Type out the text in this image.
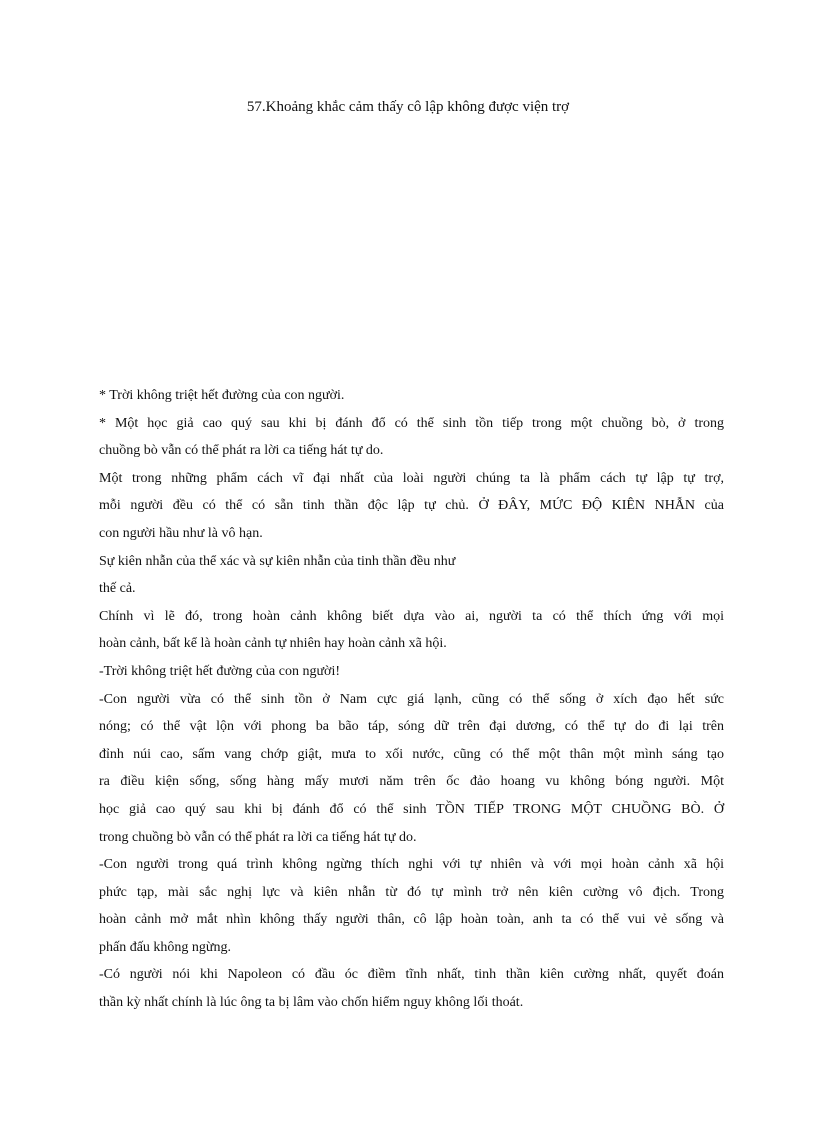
57.Khoảng khắc cảm thấy cô lập không được viện trợ
* Trời không triệt hết đường của con người.
* Một học giả cao quý sau khi bị đánh đổ có thể sinh tồn tiếp trong một chuồng bò, ở trong
chuồng bò vẫn có thể phát ra lời ca tiếng hát tự do.
Một trong những phẩm cách vĩ đại nhất của loài người chúng ta là phẩm cách tự lập tự trợ,
mỗi người đều có thể có sẵn tinh thần độc lập tự chủ. Ở ĐÂY, MỨC ĐỘ KIÊN NHẪN của
con người hầu như là vô hạn.
Sự kiên nhẫn của thể xác và sự kiên nhẫn của tinh thần đều như
thế cả.
Chính vì lẽ đó, trong hoàn cảnh không biết dựa vào ai, người ta có thể thích ứng với mọi
hoàn cảnh, bất kể là hoàn cảnh tự nhiên hay hoàn cảnh xã hội.
-Trời không triệt hết đường của con người!
-Con người vừa có thể sinh tồn ở Nam cực giá lạnh, cũng có thể sống ở xích đạo hết sức
nóng; có thể vật lộn với phong ba bão táp, sóng dữ trên đại dương, có thể tự do đi lại trên
đỉnh núi cao, sấm vang chớp giật, mưa to xối nước, cũng có thể một thân một mình sáng tạo
ra điều kiện sống, sống hàng mấy mươi năm trên ốc đảo hoang vu không bóng người. Một
học giả cao quý sau khi bị đánh đổ có thể sinh TỒN TIẾP TRONG MỘT CHUỒNG BÒ. Ở
trong chuồng bò vẫn có thể phát ra lời ca tiếng hát tự do.
-Con người trong quá trình không ngừng thích nghi với tự nhiên và với mọi hoàn cảnh xã hội
phức tạp, mài sắc nghị lực và kiên nhẫn từ đó tự mình trở nên kiên cường vô địch. Trong
hoàn cảnh mở mắt nhìn không thấy người thân, cô lập hoàn toàn, anh ta có thể vui vẻ sống và
phấn đấu không ngừng.
-Có người nói khi Napoleon có đầu óc điềm tĩnh nhất, tinh thần kiên cường nhất, quyết đoán
thần kỳ nhất chính là lúc ông ta bị lâm vào chốn hiểm nguy không lối thoát.
